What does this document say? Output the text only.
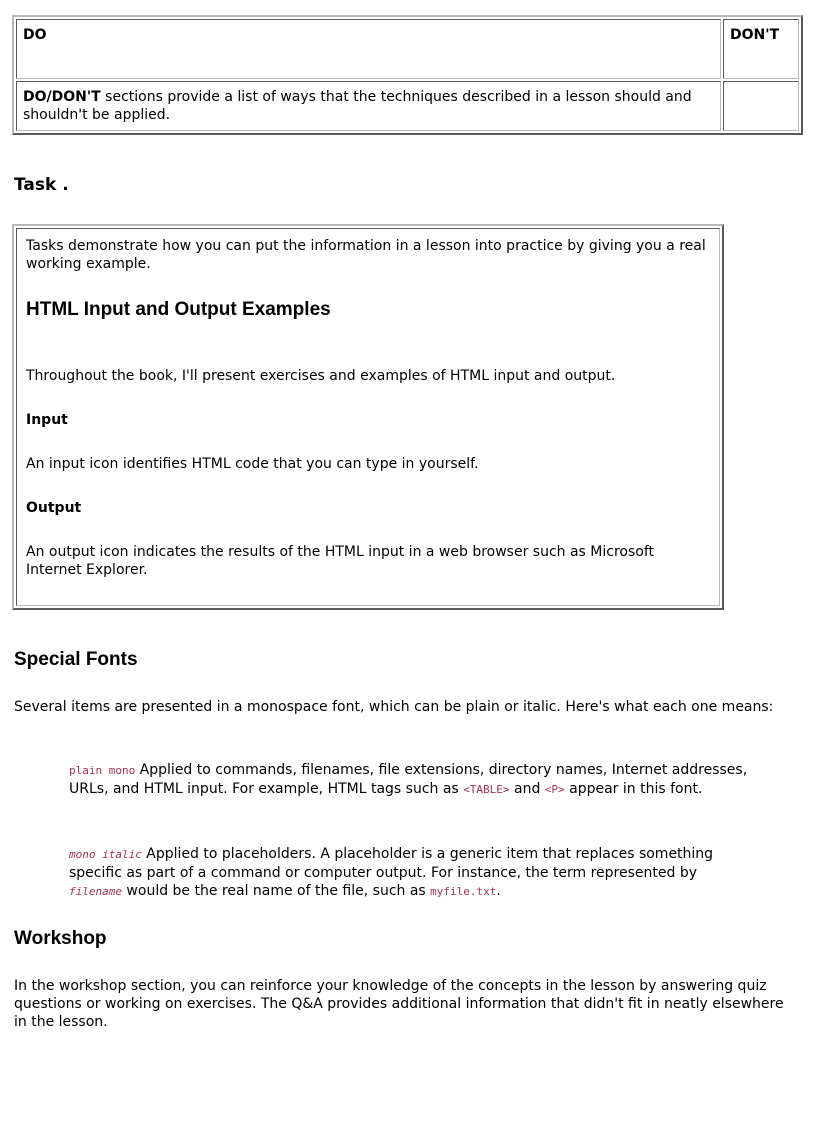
DO	DON'T
DO/DON'T sections provide a list of ways that the techniques described in a lesson should and shouldn't be applied.	
Task .

Tasks demonstrate how you can put the information in a lesson into practice by giving you a real working example.

HTML Input and Output Examples

Throughout the book, I'll present exercises and examples of HTML input and output.

Input

An input icon identifies HTML code that you can type in yourself.

Output

An output icon indicates the results of the HTML input in a web browser such as Microsoft Internet Explorer.

Special Fonts

Several items are presented in a monospace font, which can be plain or italic. Here's what each one means:

plain mono Applied to commands, filenames, file extensions, directory names, Internet addresses, URLs, and HTML input. For example, HTML tags such as <TABLE> and <P> appear in this font.

mono italic Applied to placeholders. A placeholder is a generic item that replaces something specific as part of a command or computer output. For instance, the term represented by filename would be the real name of the file, such as myfile.txt.

Workshop

In the workshop section, you can reinforce your knowledge of the concepts in the lesson by answering quiz questions or working on exercises. The Q&A provides additional information that didn't fit in neatly elsewhere in the lesson.
